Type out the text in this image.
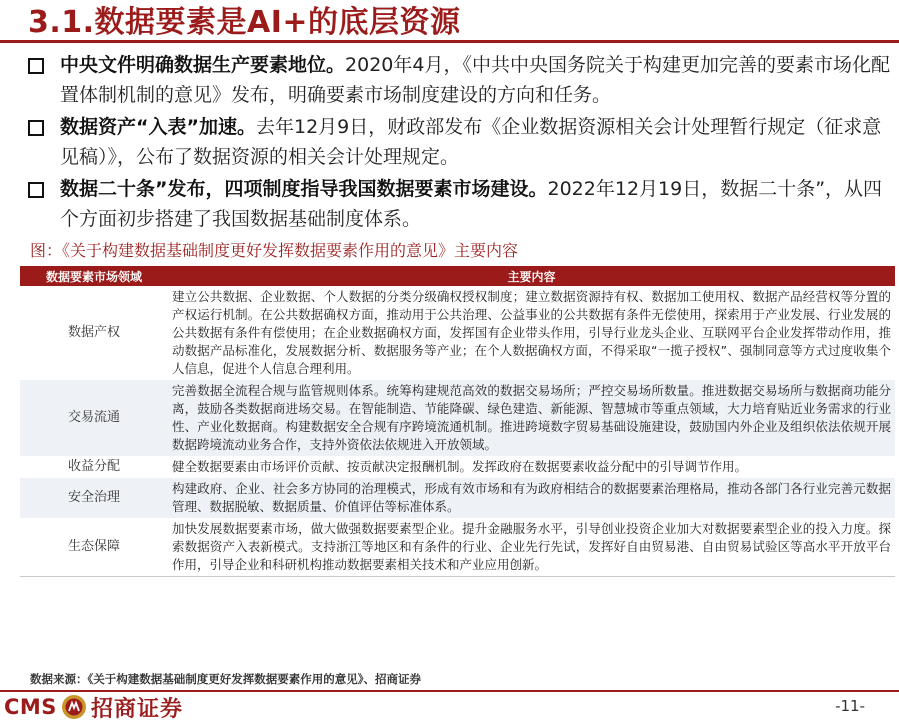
3.1.数据要素是AI+的底层资源
中央文件明确数据生产要素地位。2020年4月，《中共中央国务院关于构建更加完善的要素市场化配置体制机制的意见》发布，明确要素市场制度建设的方向和任务。
数据资产“入表”加速。去年12月9日，财政部发布《企业数据资源相关会计处理暂行规定（征求意见稿）》，公布了数据资源的相关会计处理规定。
数据二十条”发布，四项制度指导我国数据要素市场建设。2022年12月19日，数据二十条”，从四个方面初步搭建了我国数据基础制度体系。
图：《关于构建数据基础制度更好发挥数据要素作用的意见》主要内容
数据要素市场领域	主要内容
数据产权	建立公共数据、企业数据、个人数据的分类分级确权授权制度；建立数据资源持有权、数据加工使用权、数据产品经营权等分置的产权运行机制。在公共数据确权方面，推动用于公共治理、公益事业的公共数据有条件无偿使用，探索用于产业发展、行业发展的公共数据有条件有偿使用；在企业数据确权方面，发挥国有企业带头作用，引导行业龙头企业、互联网平台企业发挥带动作用，推动数据产品标准化，发展数据分析、数据服务等产业；在个人数据确权方面，不得采取“一揽子授权”、强制同意等方式过度收集个人信息，促进个人信息合理利用。
交易流通	完善数据全流程合规与监管规则体系。统筹构建规范高效的数据交易场所；严控交易场所数量。推进数据交易场所与数据商功能分离，鼓励各类数据商进场交易。在智能制造、节能降碳、绿色建造、新能源、智慧城市等重点领域，大力培育贴近业务需求的行业性、产业化数据商。构建数据安全合规有序跨境流通机制。推进跨境数字贸易基础设施建设，鼓励国内外企业及组织依法依规开展数据跨境流动业务合作，支持外资依法依规进入开放领域。
收益分配	健全数据要素由市场评价贡献、按贡献决定报酬机制。发挥政府在数据要素收益分配中的引导调节作用。
安全治理	构建政府、企业、社会多方协同的治理模式，形成有效市场和有为政府相结合的数据要素治理格局，推动各部门各行业完善元数据管理、数据脱敏、数据质量、价值评估等标准体系。
生态保障	加快发展数据要素市场，做大做强数据要素型企业。提升金融服务水平，引导创业投资企业加大对数据要素型企业的投入力度。探索数据资产入表新模式。支持浙江等地区和有条件的行业、企业先行先试，发挥好自由贸易港、自由贸易试验区等高水平开放平台作用，引导企业和科研机构推动数据要素相关技术和产业应用创新。
数据来源：《关于构建数据基础制度更好发挥数据要素作用的意见》、招商证券
CMS 招商证券	-11-
